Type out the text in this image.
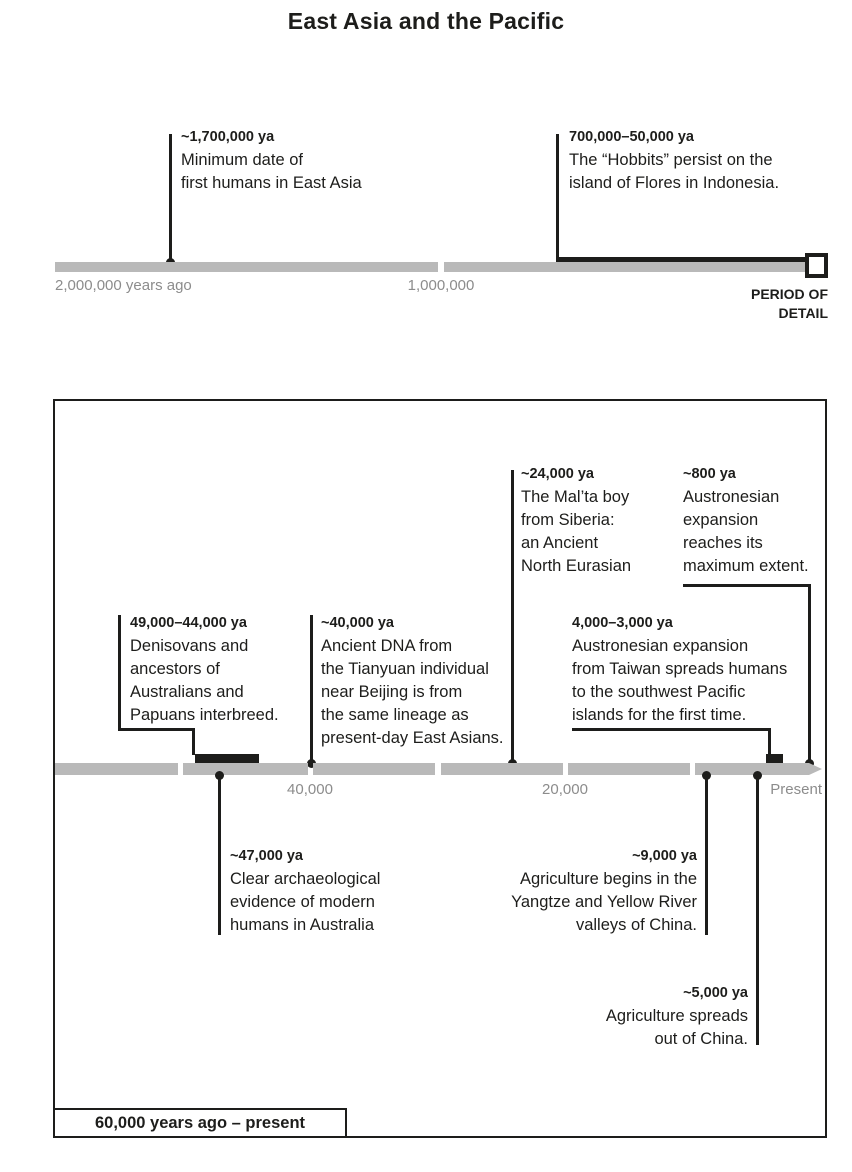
East Asia and the Pacific
~1,700,000 ya
Minimum date of
first humans in East Asia
700,000–50,000 ya
The “Hobbits” persist on the
island of Flores in Indonesia.
2,000,000 years ago	1,000,000	PERIOD OF
DETAIL
~24,000 ya
The Mal’ta boy
from Siberia:
an Ancient
North Eurasian
~800 ya
Austronesian
expansion
reaches its
maximum extent.
49,000–44,000 ya
Denisovans and
ancestors of
Australians and
Papuans interbreed.
~40,000 ya
Ancient DNA from
the Tianyuan individual
near Beijing is from
the same lineage as
present-day East Asians.
4,000–3,000 ya
Austronesian expansion
from Taiwan spreads humans
to the southwest Pacific
islands for the first time.
40,000	20,000	Present
~47,000 ya
Clear archaeological
evidence of modern
humans in Australia
~9,000 ya
Agriculture begins in the
Yangtze and Yellow River
valleys of China.
~5,000 ya
Agriculture spreads
out of China.
60,000 years ago – present
